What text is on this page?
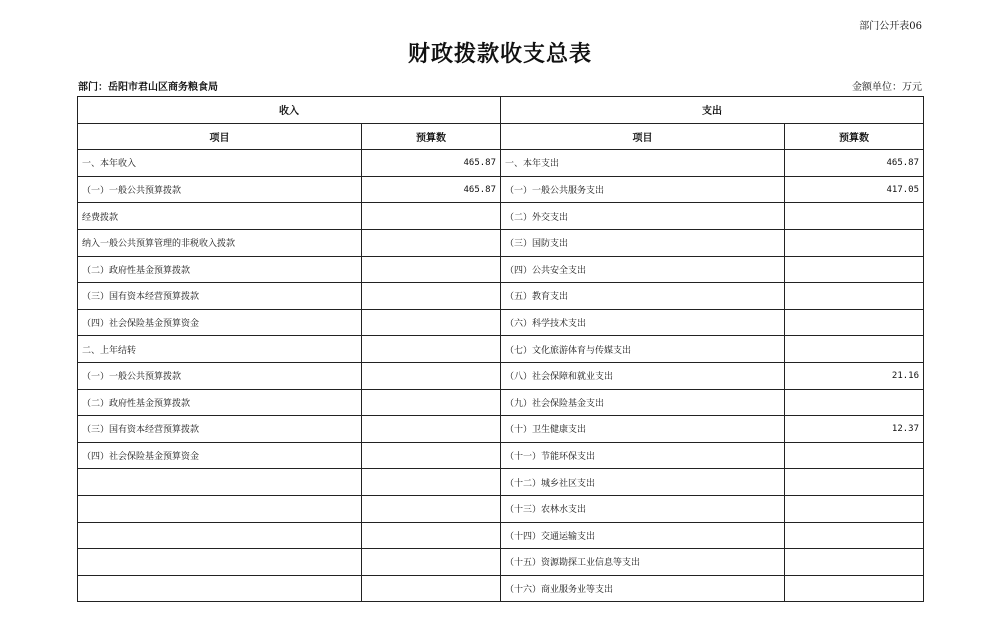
部门公开表06
财政拨款收支总表
部门：岳阳市君山区商务粮食局	金额单位：万元
收入		支出	
项目	预算数	项目	预算数
一、本年收入	465.87	一、本年支出	465.87
（一）一般公共预算拨款	465.87	（一）一般公共服务支出	417.05
经费拨款		（二）外交支出	
纳入一般公共预算管理的非税收入拨款		（三）国防支出	
（二）政府性基金预算拨款		（四）公共安全支出	
（三）国有资本经营预算拨款		（五）教育支出	
（四）社会保险基金预算资金		（六）科学技术支出	
二、上年结转		（七）文化旅游体育与传媒支出	
（一）一般公共预算拨款		（八）社会保障和就业支出	21.16
（二）政府性基金预算拨款		（九）社会保险基金支出	
（三）国有资本经营预算拨款		（十）卫生健康支出	12.37
（四）社会保险基金预算资金		（十一）节能环保支出	
		（十二）城乡社区支出	
		（十三）农林水支出	
		（十四）交通运输支出	
		（十五）资源勘探工业信息等支出	
		（十六）商业服务业等支出	
